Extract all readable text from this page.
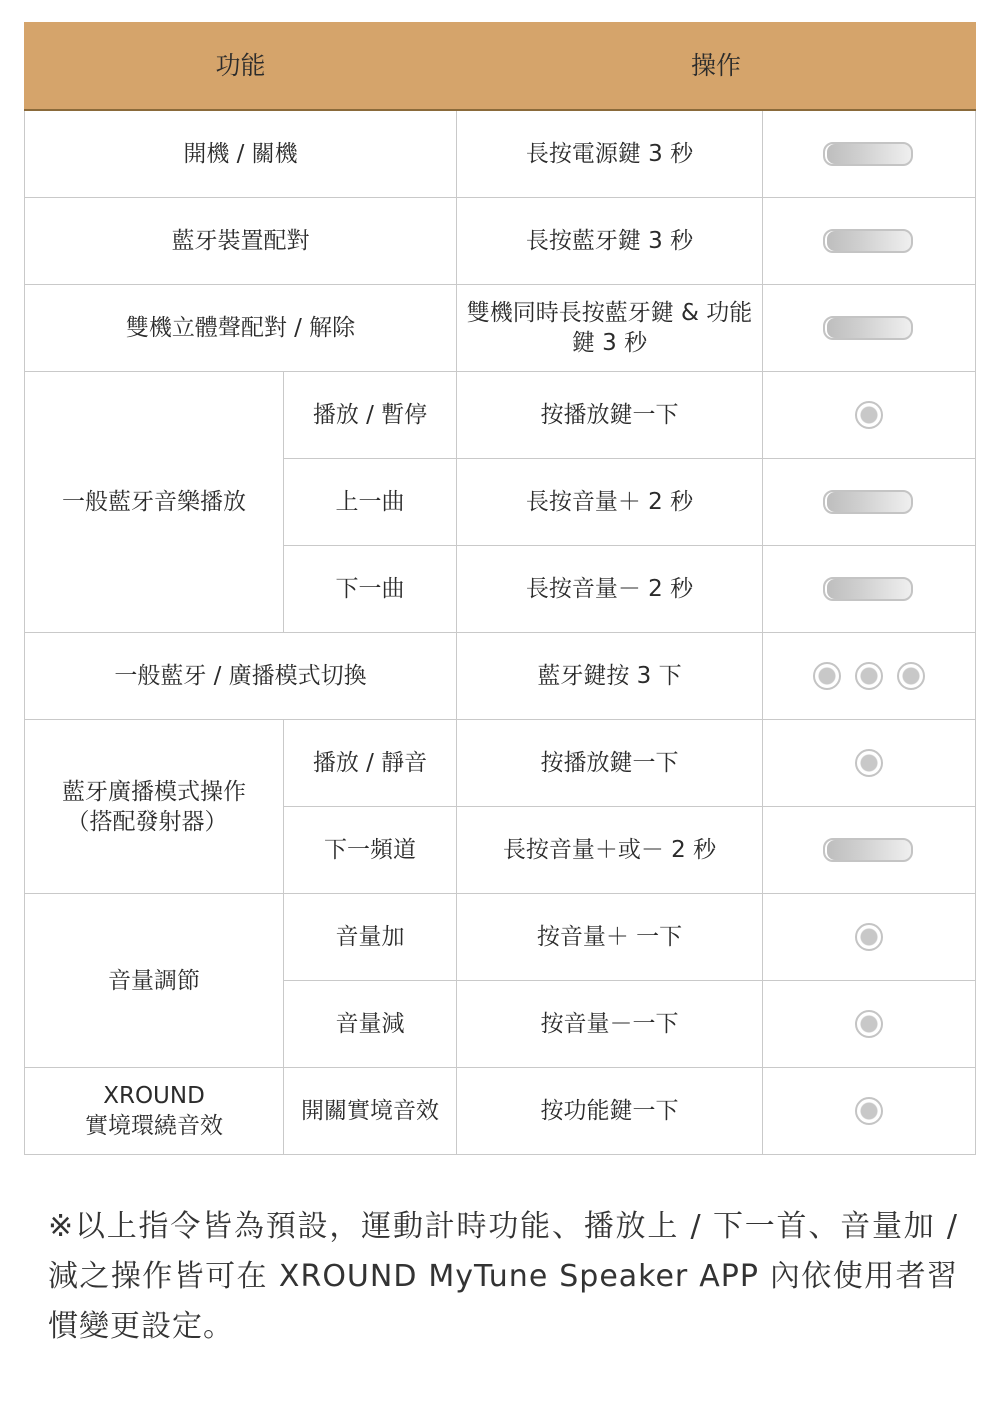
功能		操作	
開機 / 關機		長按電源鍵 3 秒	

藍牙裝置配對		長按藍牙鍵 3 秒	

雙機立體聲配對 / 解除		雙機同時長按藍牙鍵 & 功能鍵 3 秒	

一般藍牙音樂播放	播放 / 暫停	按播放鍵一下	

	上一曲	長按音量＋ 2 秒	

	下一曲	長按音量－ 2 秒	

一般藍牙 / 廣播模式切換		藍牙鍵按 3 下	

藍牙廣播模式操作
（搭配發射器）	播放 / 靜音	按播放鍵一下	

	下一頻道	長按音量＋或－ 2 秒	

音量調節	音量加	按音量＋ 一下	

	音量減	按音量－一下	

XROUND
實境環繞音效	開關實境音效	按功能鍵一下	
※以上指令皆為預設，運動計時功能、播放上 / 下一首、音量加 / 減之操作皆可在 XROUND MyTune Speaker APP 內依使用者習慣變更設定。
